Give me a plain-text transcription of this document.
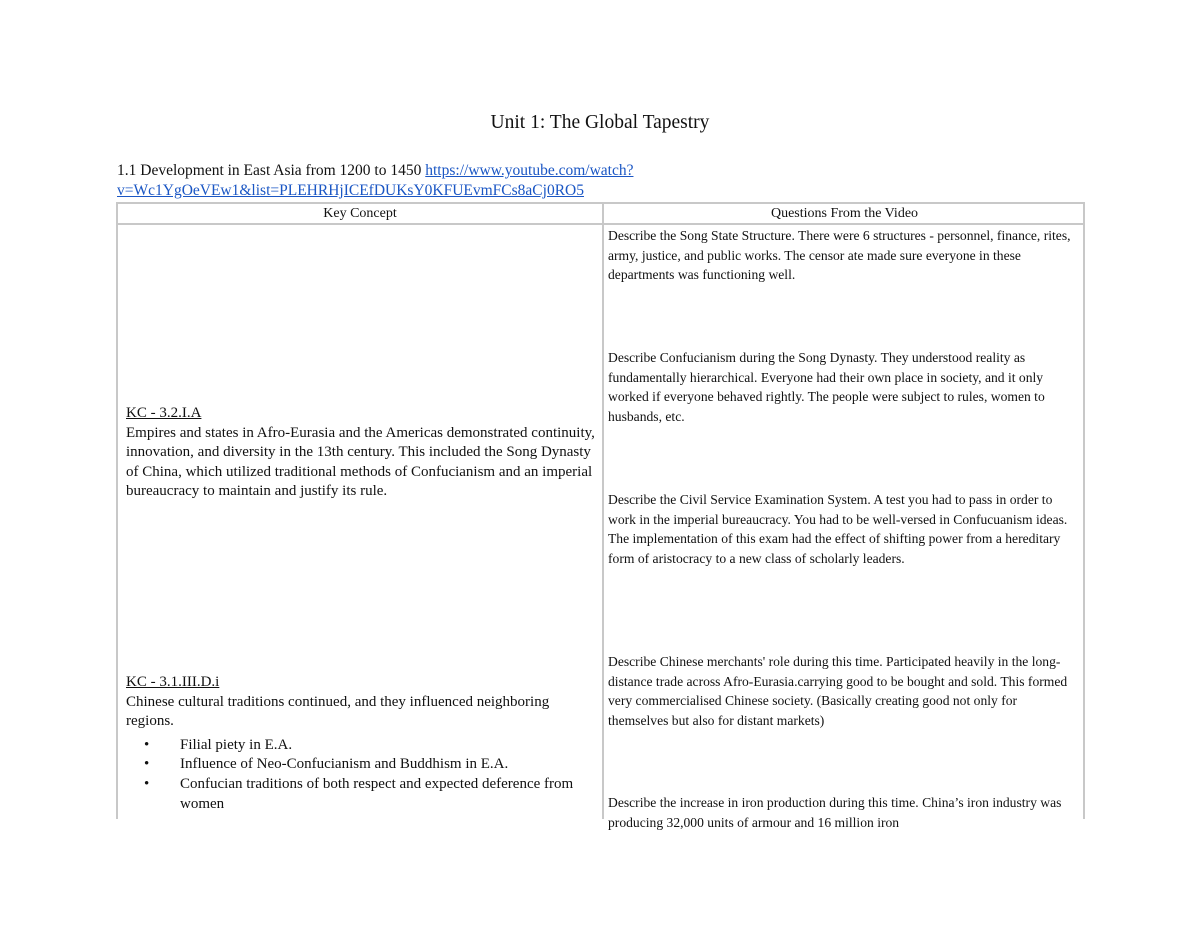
Unit 1: The Global Tapestry
1.1 Development in East Asia from 1200 to 1450 https://www.youtube.com/watch?v=Wc1YgOeVEw1&list=PLEHRHjICEfDUKsY0KFUEvmFCs8aCj0RO5
Key Concept	Questions From the Video
KC - 3.2.I.A
Empires and states in Afro-Eurasia and the Americas demonstrated continuity, innovation, and diversity in the 13th century. This included the Song Dynasty of China, which utilized traditional methods of Confucianism and an imperial bureaucracy to maintain and justify its rule.
KC - 3.1.III.D.i
Chinese cultural traditions continued, and they influenced neighboring regions.
• Filial piety in E.A.
• Influence of Neo-Confucianism and Buddhism in E.A.
• Confucian traditions of both respect and expected deference from women
Describe the Song State Structure. There were 6 structures - personnel, finance, rites, army, justice, and public works. The censor ate made sure everyone in these departments was functioning well.
Describe Confucianism during the Song Dynasty. They understood reality as fundamentally hierarchical. Everyone had their own place in society, and it only worked if everyone behaved rightly. The people were subject to rules, women to husbands, etc.
Describe the Civil Service Examination System. A test you had to pass in order to work in the imperial bureaucracy. You had to be well-versed in Confucuanism ideas. The implementation of this exam had the effect of shifting power from a hereditary form of aristocracy to a new class of scholarly leaders.
Describe Chinese merchants' role during this time. Participated heavily in the long-distance trade across Afro-Eurasia.carrying good to be bought and sold. This formed very commercialised Chinese society. (Basically creating good not only for themselves but also for distant markets)
Describe the increase in iron production during this time. China’s iron industry was producing 32,000 units of armour and 16 million iron
